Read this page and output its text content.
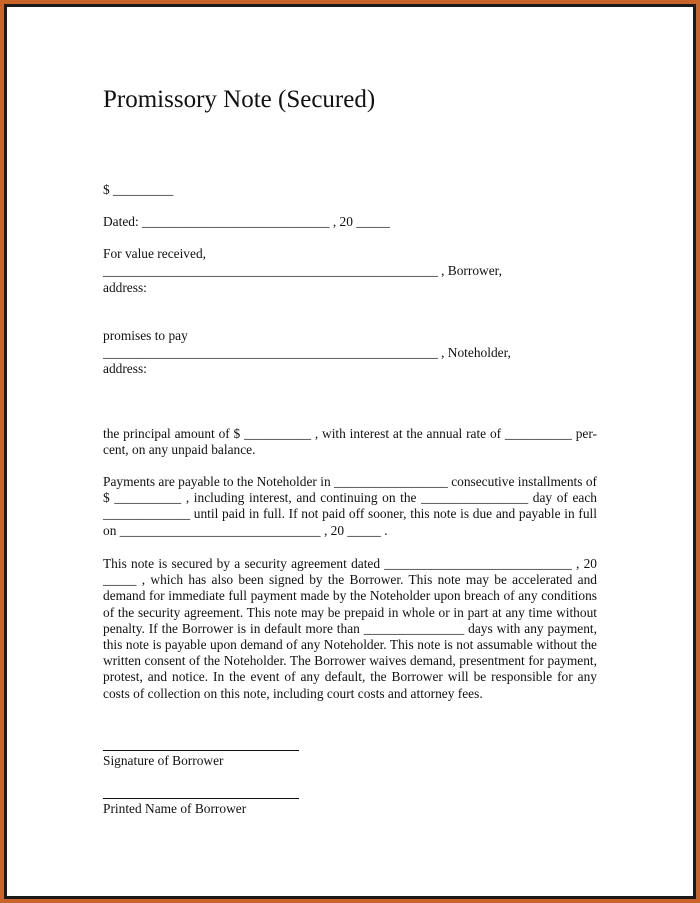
Promissory Note (Secured)
$ _________
Dated: ____________________________ , 20 _____
For value received,
__________________________________________________ , Borrower,
address:
promises to pay
__________________________________________________ , Noteholder,
address:
the principal amount of $ __________ , with interest at the annual rate of __________ per-cent, on any unpaid balance.
Payments are payable to the Noteholder in _________________ consecutive installments of $ __________ , including interest, and continuing on the ________________ day of each _____________ until paid in full. If not paid off sooner, this note is due and payable in full on ______________________________ , 20 _____ .
This note is secured by a security agreement dated ____________________________ , 20 _____ , which has also been signed by the Borrower. This note may be accelerated and demand for immediate full payment made by the Noteholder upon breach of any conditions of the security agreement. This note may be prepaid in whole or in part at any time without penalty. If the Borrower is in default more than _______________ days with any payment, this note is payable upon demand of any Noteholder. This note is not assumable without the written consent of the Noteholder. The Borrower waives demand, presentment for payment, protest, and notice. In the event of any default, the Borrower will be responsible for any costs of collection on this note, including court costs and attorney fees.
Signature of Borrower
Printed Name of Borrower
